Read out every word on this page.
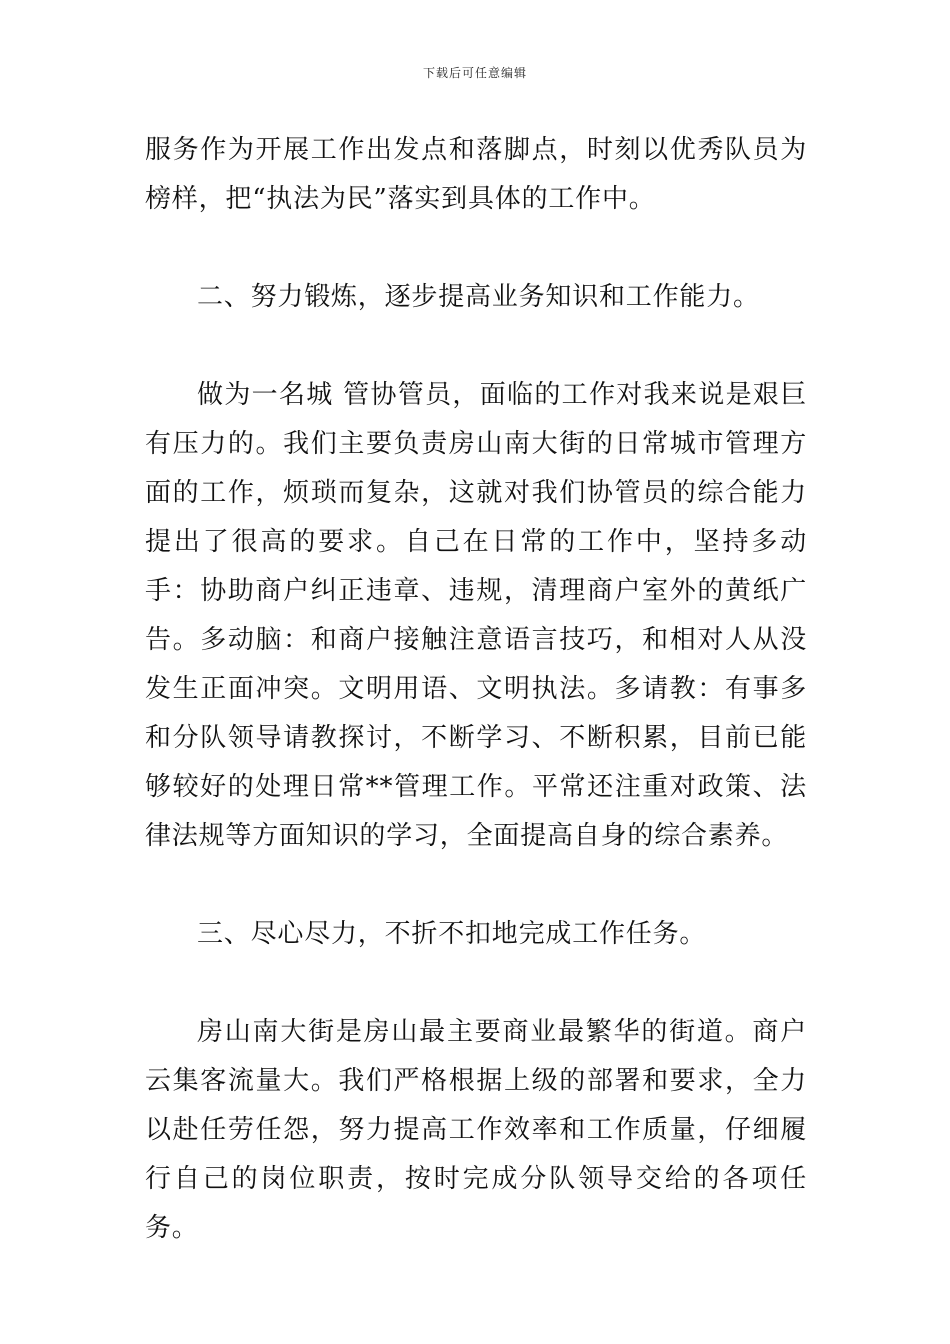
下载后可任意编辑

服务作为开展工作出发点和落脚点，时刻以优秀队员为榜样，把“执法为民”落实到具体的工作中。

二、努力锻炼，逐步提高业务知识和工作能力。

做为一名城 管协管员，面临的工作对我来说是艰巨有压力的。我们主要负责房山南大街的日常城市管理方面的工作，烦琐而复杂，这就对我们协管员的综合能力提出了很高的要求。自己在日常的工作中，坚持多动手：协助商户纠正违章、违规，清理商户室外的黄纸广告。多动脑：和商户接触注意语言技巧，和相对人从没发生正面冲突。文明用语、文明执法。多请教：有事多和分队领导请教探讨，不断学习、不断积累，目前已能够较好的处理日常**管理工作。平常还注重对政策、法律法规等方面知识的学习，全面提高自身的综合素养。

三、尽心尽力，不折不扣地完成工作任务。

房山南大街是房山最主要商业最繁华的街道。商户云集客流量大。我们严格根据上级的部署和要求，全力以赴任劳任怨，努力提高工作效率和工作质量，仔细履行自己的岗位职责，按时完成分队领导交给的各项任务。
